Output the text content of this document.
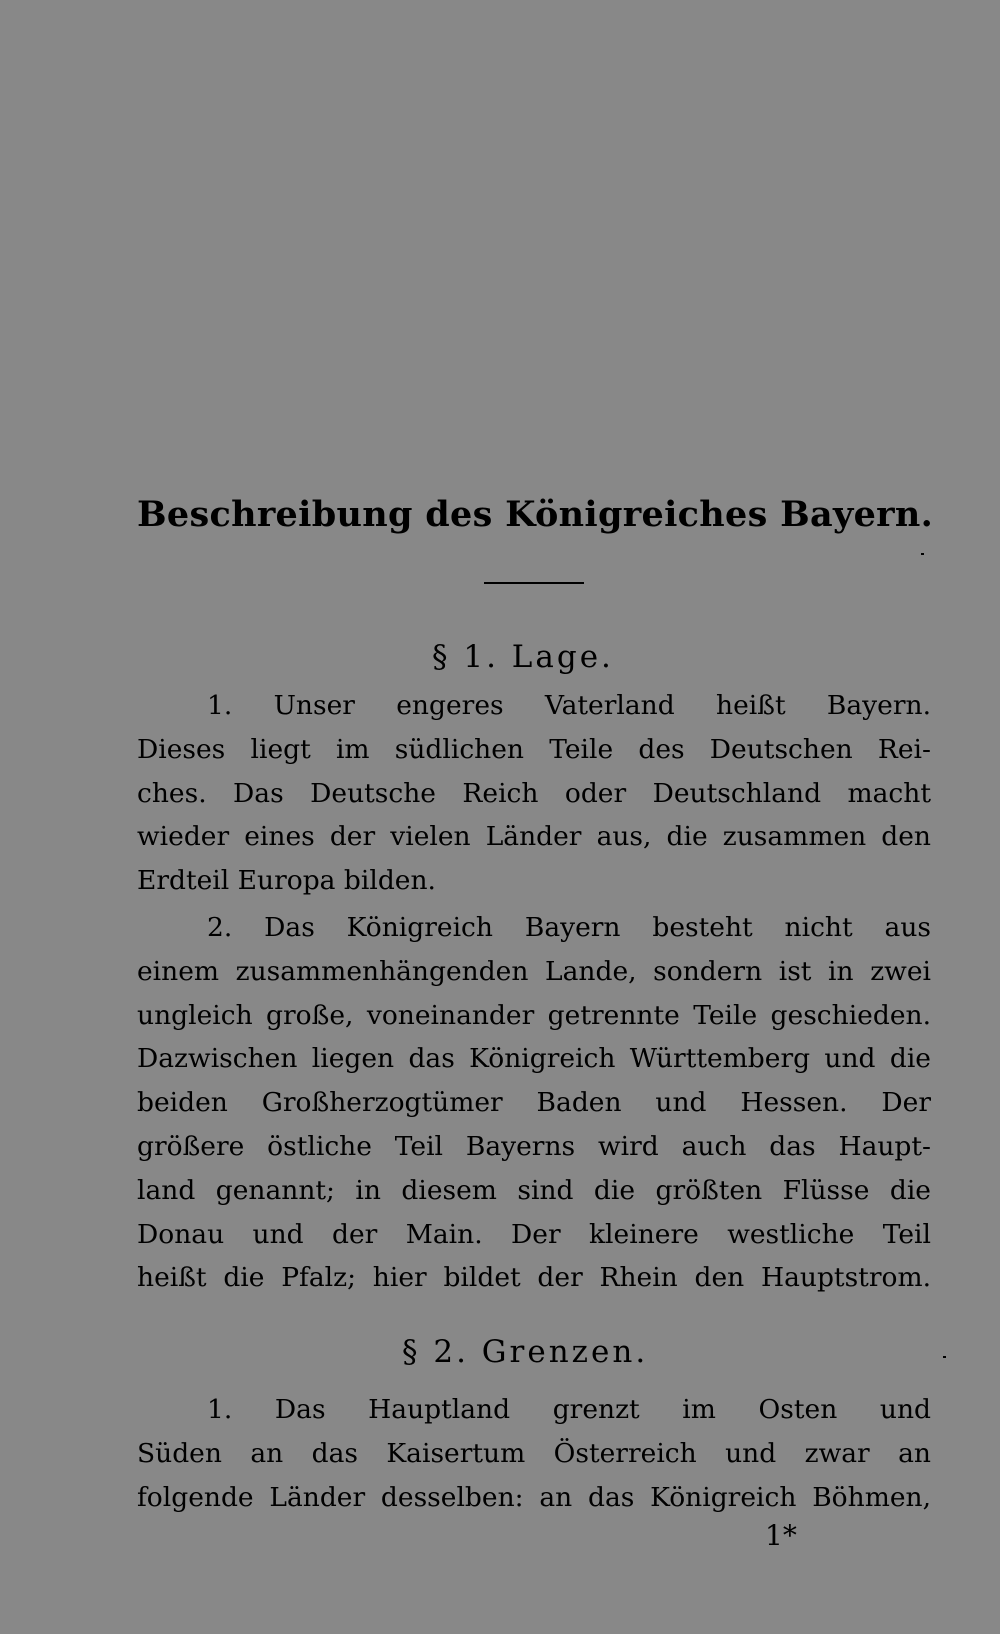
Beschreibung des Königreiches Bayern.
§ 1. Lage.
1. Unser engeres Vaterland heißt Bayern.
Dieses liegt im südlichen Teile des Deutschen Rei-
ches. Das Deutsche Reich oder Deutschland macht
wieder eines der vielen Länder aus, die zusammen den
Erdteil Europa bilden.
2. Das Königreich Bayern besteht nicht aus
einem zusammenhängenden Lande, sondern ist in zwei
ungleich große, voneinander getrennte Teile geschieden.
Dazwischen liegen das Königreich Württemberg und die
beiden Großherzogtümer Baden und Hessen. Der
größere östliche Teil Bayerns wird auch das Haupt-
land genannt; in diesem sind die größten Flüsse die
Donau und der Main. Der kleinere westliche Teil
heißt die Pfalz; hier bildet der Rhein den Hauptstrom.
§ 2. Grenzen.
1. Das Hauptland grenzt im Osten und
Süden an das Kaisertum Österreich und zwar an
folgende Länder desselben: an das Königreich Böhmen,
1*
